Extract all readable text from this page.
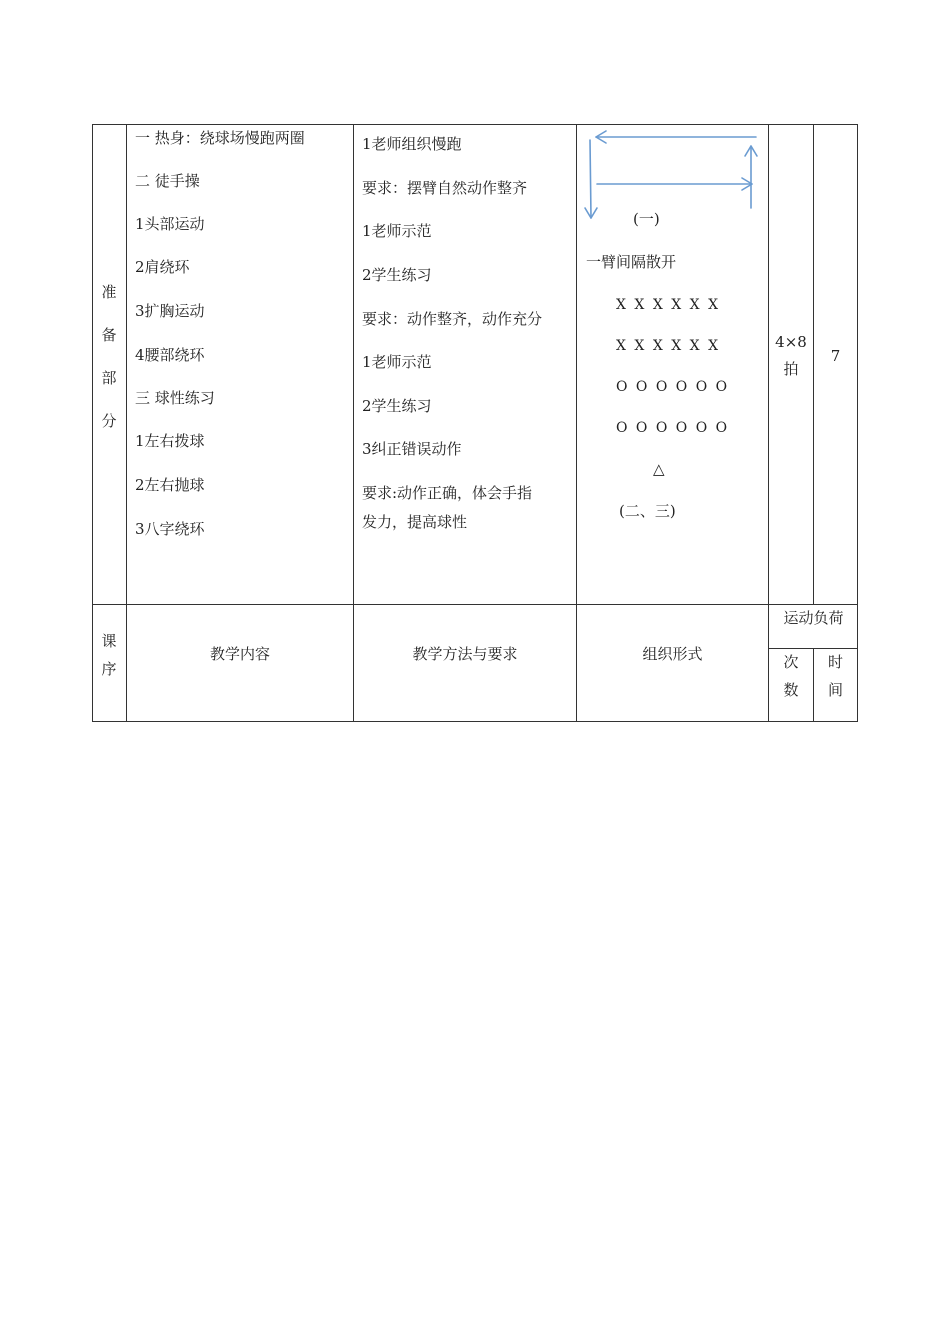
准
备
部
分
一 热身：绕球场慢跑两圈
二 徒手操
1头部运动
2肩绕环
3扩胸运动
4腰部绕环
三 球性练习
1左右拨球
2左右抛球
3八字绕环
1老师组织慢跑
要求：摆臂自然动作整齐
1老师示范
2学生练习
要求：动作整齐，动作充分
1老师示范
2学生练习
3纠正错误动作
要求:动作正确，体会手指
发力，提高球性
(一)
一臂间隔散开
X X X X X X
X X X X X X
O O O O O O
O O O O O O
△
(二、三)
4×8
拍
7
课
序
教学内容	教学方法与要求	组织形式
运动负荷
次
数
时
间
